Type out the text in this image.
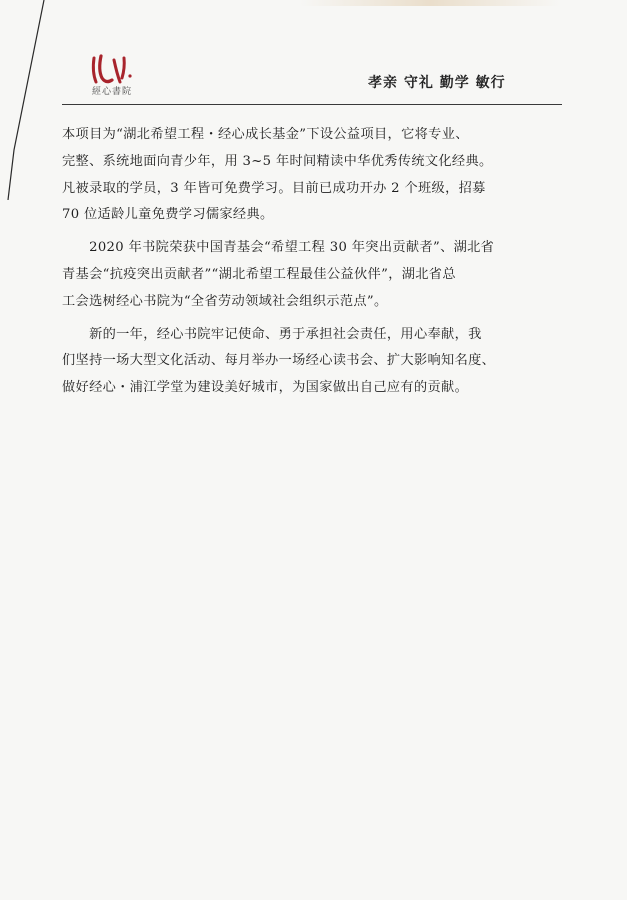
經心書院
孝亲 守礼 勤学 敏行

本项目为“湖北希望工程・经心成长基金”下设公益项目，它将专业、
完整、系统地面向青少年，用 3~5 年时间精读中华优秀传统文化经典。
凡被录取的学员，3 年皆可免费学习。目前已成功开办 2 个班级，招募
70 位适龄儿童免费学习儒家经典。

　　2020 年书院荣获中国青基会“希望工程 30 年突出贡献者”、湖北省
青基会“抗疫突出贡献者”“湖北希望工程最佳公益伙伴”，湖北省总
工会选树经心书院为“全省劳动领域社会组织示范点”。

　　新的一年，经心书院牢记使命、勇于承担社会责任，用心奉献，我
们坚持一场大型文化活动、每月举办一场经心读书会、扩大影响知名度、
做好经心・浦江学堂为建设美好城市，为国家做出自己应有的贡献。
